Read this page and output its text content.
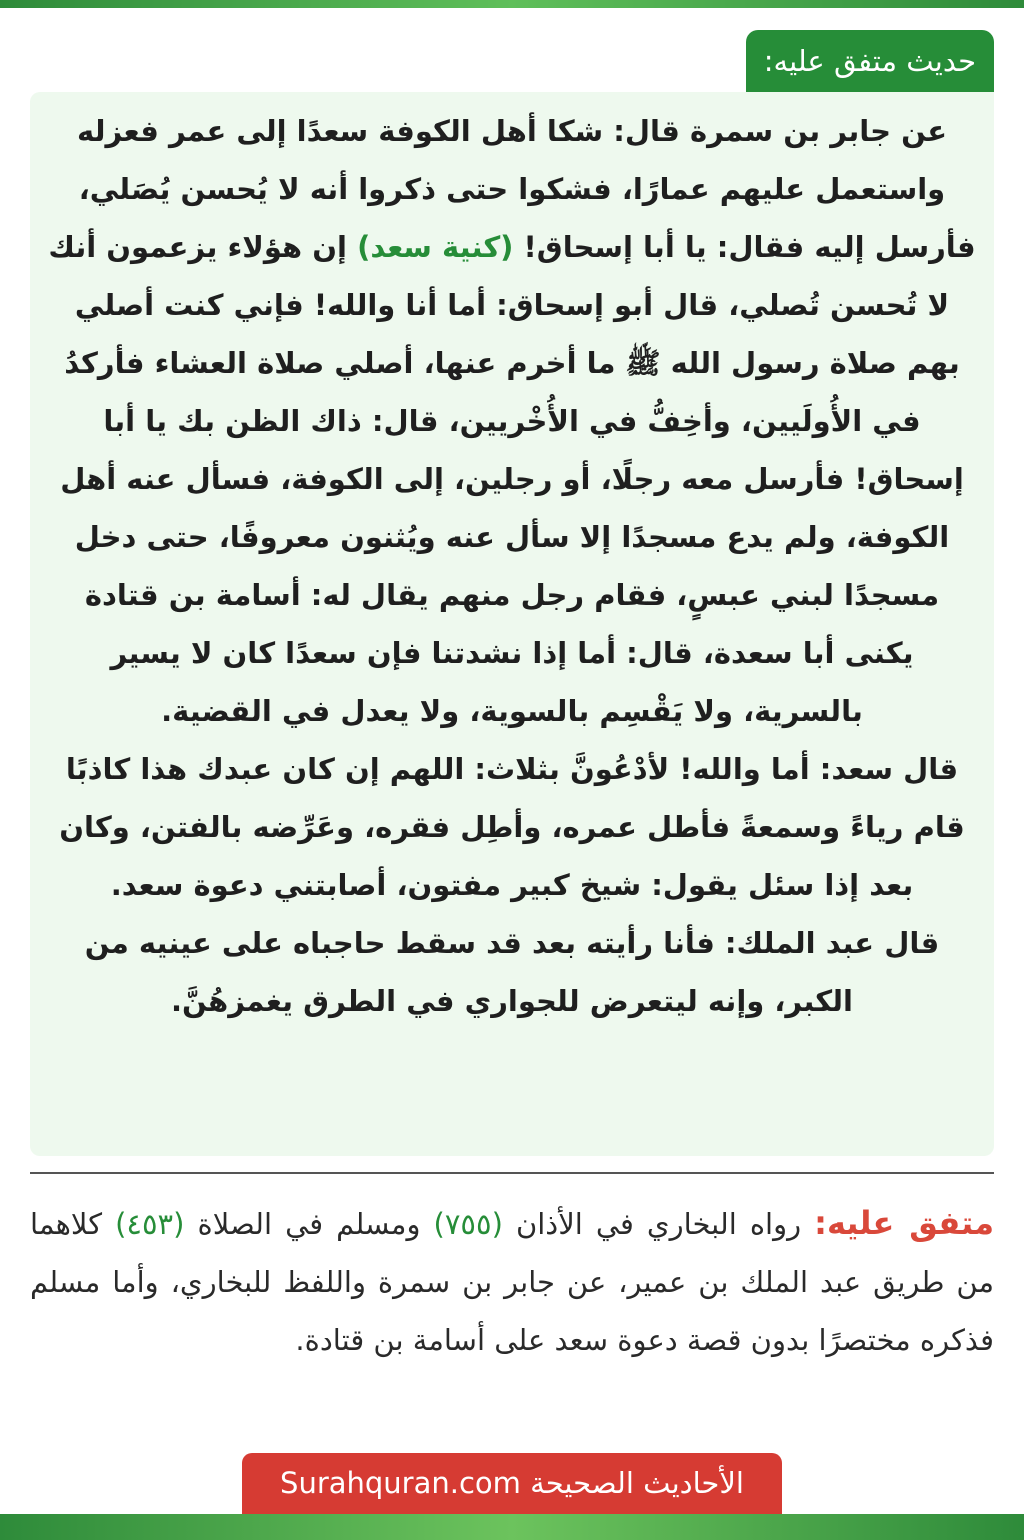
حديث متفق عليه:

عن جابر بن سمرة قال: شكا أهل الكوفة سعدًا إلى عمر فعزله واستعمل عليهم عمارًا، فشكوا حتى ذكروا أنه لا يُحسن يُصَلي، فأرسل إليه فقال: يا أبا إسحاق! (كنية سعد) إن هؤلاء يزعمون أنك لا تُحسن تُصلي، قال أبو إسحاق: أما أنا والله! فإني كنت أصلي بهم صلاة رسول الله ﷺ ما أخرم عنها، أصلي صلاة العشاء فأركدُ في الأُولَيين، وأخِفُّ في الأُخْريين، قال: ذاك الظن بك يا أبا إسحاق! فأرسل معه رجلًا، أو رجلين، إلى الكوفة، فسأل عنه أهل الكوفة، ولم يدع مسجدًا إلا سأل عنه ويُثنون معروفًا، حتى دخل مسجدًا لبني عبسٍ، فقام رجل منهم يقال له: أسامة بن قتادة يكنى أبا سعدة، قال: أما إذا نشدتنا فإن سعدًا كان لا يسير بالسرية، ولا يَقْسِم بالسوية، ولا يعدل في القضية.

قال سعد: أما والله! لأدْعُونَّ بثلاث: اللهم إن كان عبدك هذا كاذبًا قام رياءً وسمعةً فأطل عمره، وأطِل فقره، وعَرِّضه بالفتن، وكان بعد إذا سئل يقول: شيخ كبير مفتون، أصابتني دعوة سعد.

قال عبد الملك: فأنا رأيته بعد قد سقط حاجباه على عينيه من الكبر، وإنه ليتعرض للجواري في الطرق يغمزهُنَّ.

متفق عليه: رواه البخاري في الأذان (٧٥٥) ومسلم في الصلاة (٤٥٣) كلاهما من طريق عبد الملك بن عمير، عن جابر بن سمرة واللفظ للبخاري، وأما مسلم فذكره مختصرًا بدون قصة دعوة سعد على أسامة بن قتادة.
الأحاديث الصحيحة Surahquran.com
